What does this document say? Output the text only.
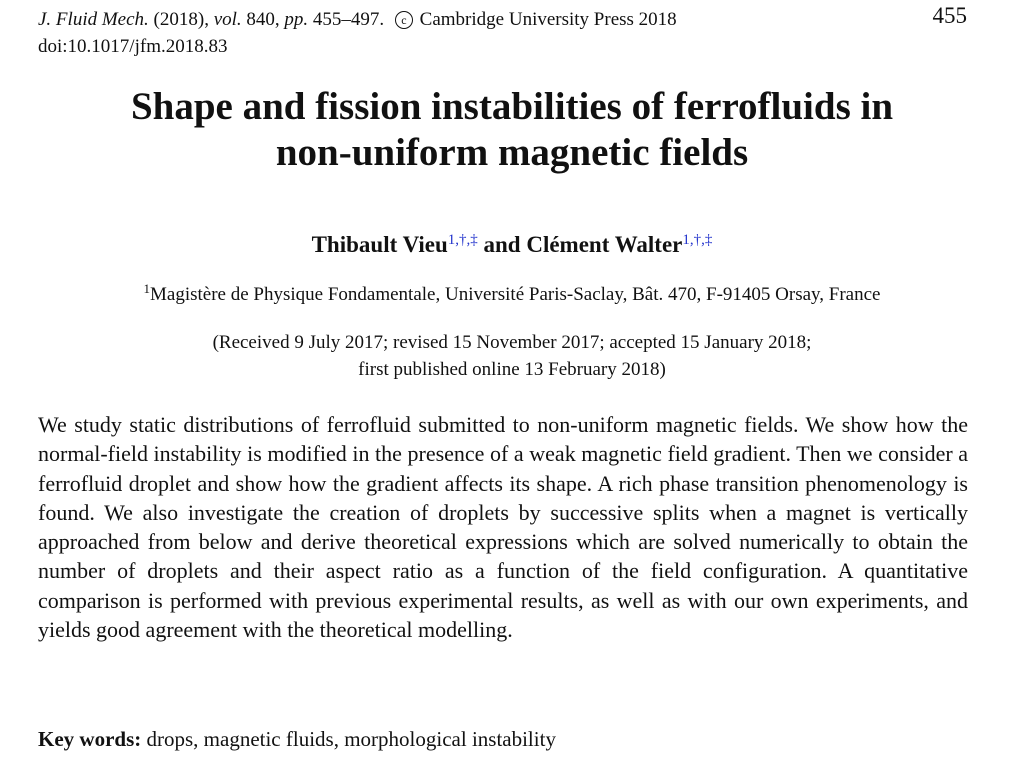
J. Fluid Mech. (2018), vol. 840, pp. 455–497. c Cambridge University Press 2018
doi:10.1017/jfm.2018.83
455
Shape and fission instabilities of ferrofluids in
non-uniform magnetic fields
Thibault Vieu$^{1,\dagger,\ddagger}$ and Clément Walter$^{1,\dagger,\ddagger}$
$^1$Magistère de Physique Fondamentale, Université Paris-Saclay, Bât. 470, F-91405 Orsay, France
(Received 9 July 2017; revised 15 November 2017; accepted 15 January 2018;
first published online 13 February 2018)

We study static distributions of ferrofluid submitted to non-uniform magnetic fields. We show how the normal-field instability is modified in the presence of a weak magnetic field gradient. Then we consider a ferrofluid droplet and show how the gradient affects its shape. A rich phase transition phenomenology is found. We also investigate the creation of droplets by successive splits when a magnet is vertically approached from below and derive theoretical expressions which are solved numerically to obtain the number of droplets and their aspect ratio as a function of the field configuration. A quantitative comparison is performed with previous experimental results, as well as with our own experiments, and yields good agreement with the theoretical modelling.

Key words: drops, magnetic fluids, morphological instability
